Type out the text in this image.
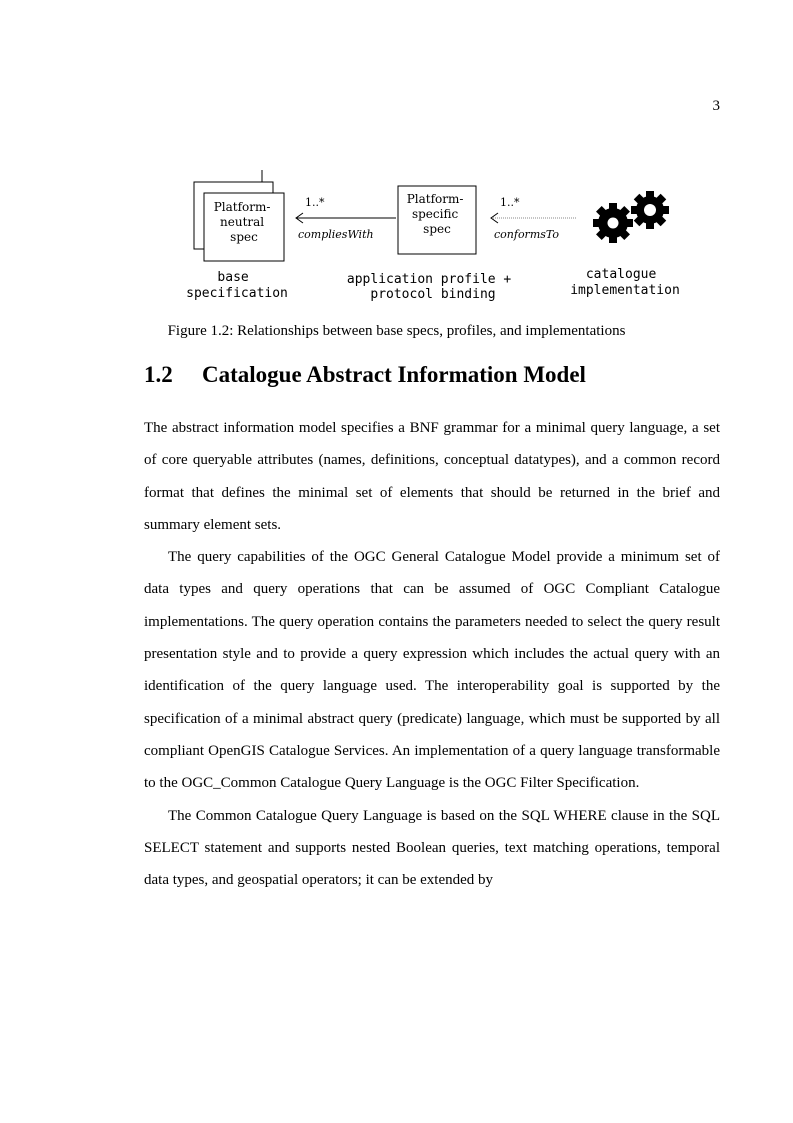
3
Platform- neutral spec
1..*
compliesWith
Platform- specific spec
1..*
conformsTo
base specification
application profile + protocol binding
catalogue implementation
Figure 1.2: Relationships between base specs, profiles, and implementations
1.2 Catalogue Abstract Information Model

The abstract information model specifies a BNF grammar for a minimal query language, a set of core queryable attributes (names, definitions, conceptual datatypes), and a common record format that defines the minimal set of elements that should be returned in the brief and summary element sets.

The query capabilities of the OGC General Catalogue Model provide a minimum set of data types and query operations that can be assumed of OGC Compliant Catalogue implementations. The query operation contains the parameters needed to select the query result presentation style and to provide a query expression which includes the actual query with an identification of the query language used. The interoperability goal is supported by the specification of a minimal abstract query (predicate) language, which must be supported by all compliant OpenGIS Catalogue Services. An implementation of a query language transformable to the OGC_Common Catalogue Query Language is the OGC Filter Specification.

The Common Catalogue Query Language is based on the SQL WHERE clause in the SQL SELECT statement and supports nested Boolean queries, text matching operations, temporal data types, and geospatial operators; it can be extended by
